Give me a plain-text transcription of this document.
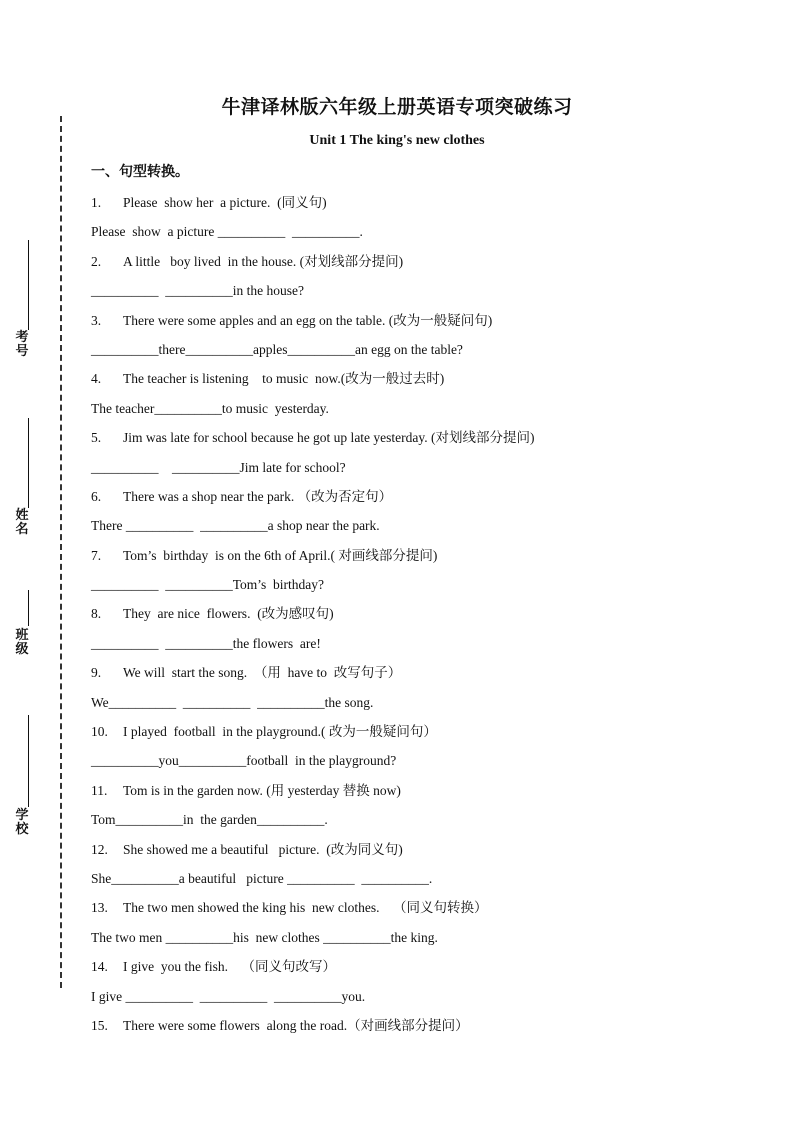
考号
姓名
班级
学校
牛津译林版六年级上册英语专项突破练习
Unit 1 The king's new clothes
一、句型转换。
1. Please  show her  a picture.  (同义句)
Please  show  a picture __________  __________.
2. A little   boy lived  in the house. (对划线部分提问)
__________  __________in the house?
3. There were some apples and an egg on the table. (改为一般疑问句)
__________there__________apples__________an egg on the table?
4. The teacher is listening    to music  now.(改为一般过去时)
The teacher__________to music  yesterday.
5. Jim was late for school because he got up late yesterday. (对划线部分提问)
__________    __________Jim late for school?
6. There was a shop near the park. （改为否定句）
There __________  __________a shop near the park.
7. Tom’s  birthday  is on the 6th of April.( 对画线部分提问)
__________  __________Tom’s  birthday?
8. They  are nice  flowers.  (改为感叹句)
__________  __________the flowers  are!
9. We will  start the song.  （用  have to  改写句子）
We__________  __________  __________the song.
10. I played  football  in the playground.( 改为一般疑问句）
__________you__________football  in the playground?
11. Tom is in the garden now. (用 yesterday 替换 now)
Tom__________in  the garden__________.
12. She showed me a beautiful   picture.  (改为同义句)
She__________a beautiful   picture __________  __________.
13. The two men showed the king his  new clothes.    （同义句转换）
The two men __________his  new clothes __________the king.
14. I give  you the fish.    （同义句改写）
I give __________  __________  __________you.
15. There were some flowers  along the road.（对画线部分提问）
